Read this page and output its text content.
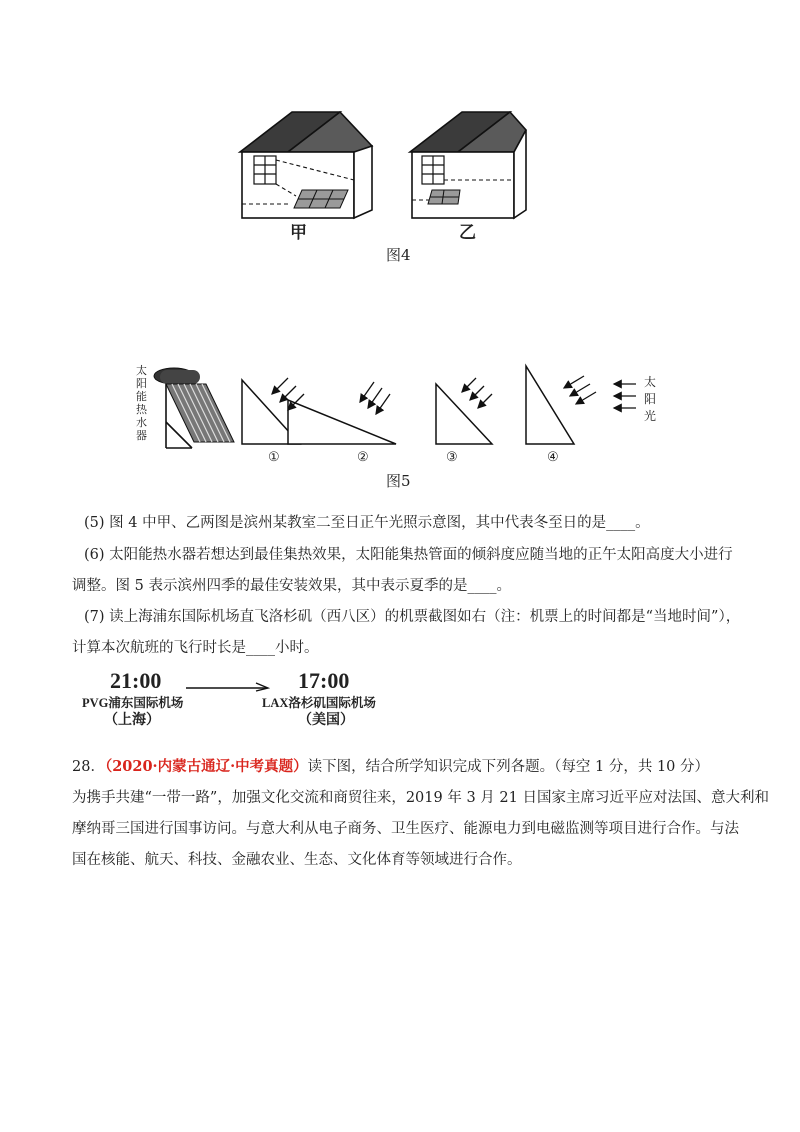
甲	乙
图4
太
阳
能
热
水
器
太
阳
光
①	②	③	④
图5
(5) 图 4 中甲、乙两图是滨州某教室二至日正午光照示意图，其中代表冬至日的是____。
(6) 太阳能热水器若想达到最佳集热效果，太阳能集热管面的倾斜度应随当地的正午太阳高度大小进行
调整。图 5 表示滨州四季的最佳安装效果，其中表示夏季的是____。
(7) 读上海浦东国际机场直飞洛杉矶（西八区）的机票截图如右（注：机票上的时间都是“当地时间”），
计算本次航班的飞行时长是____小时。
21:00	17:00
PVG浦东国际机场	LAX洛杉矶国际机场
（上海）	（美国）
28．（2020·内蒙古通辽·中考真题）读下图，结合所学知识完成下列各题。（每空 1 分，共 10 分）
为携手共建“一带一路”，加强文化交流和商贸往来，2019 年 3 月 21 日国家主席习近平应对法国、意大利和
摩纳哥三国进行国事访问。与意大利从电子商务、卫生医疗、能源电力到电磁监测等项目进行合作。与法
国在核能、航天、科技、金融农业、生态、文化体育等领域进行合作。
